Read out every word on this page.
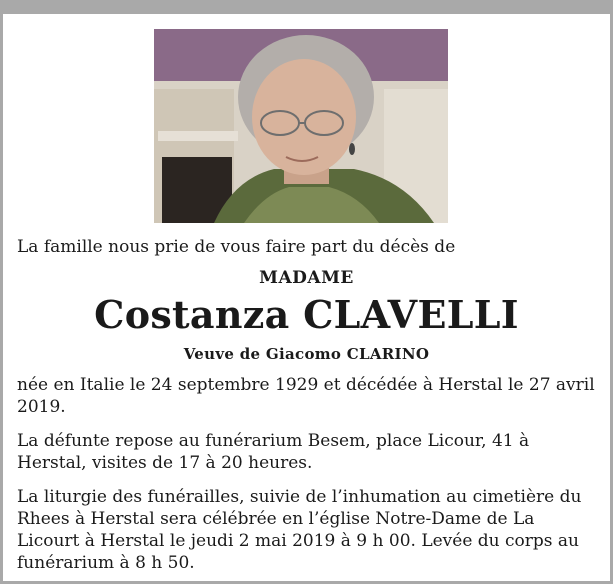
La famille nous prie de vous faire part du décès de
MADAME
Costanza CLAVELLI
Veuve de Giacomo CLARINO

née en Italie le 24 septembre 1929 et décédée à Herstal le 27 avril 2019.

La défunte repose au funérarium Besem, place Licour, 41 à Herstal, visites de 17 à 20 heures.

La liturgie des funérailles, suivie de l’inhumation au cimetière du Rhees à Herstal sera célébrée en l’église Notre-Dame de La Licourt à Herstal le jeudi 2 mai 2019 à 9 h 00. Levée du corps au funérarium à 8 h 50.
